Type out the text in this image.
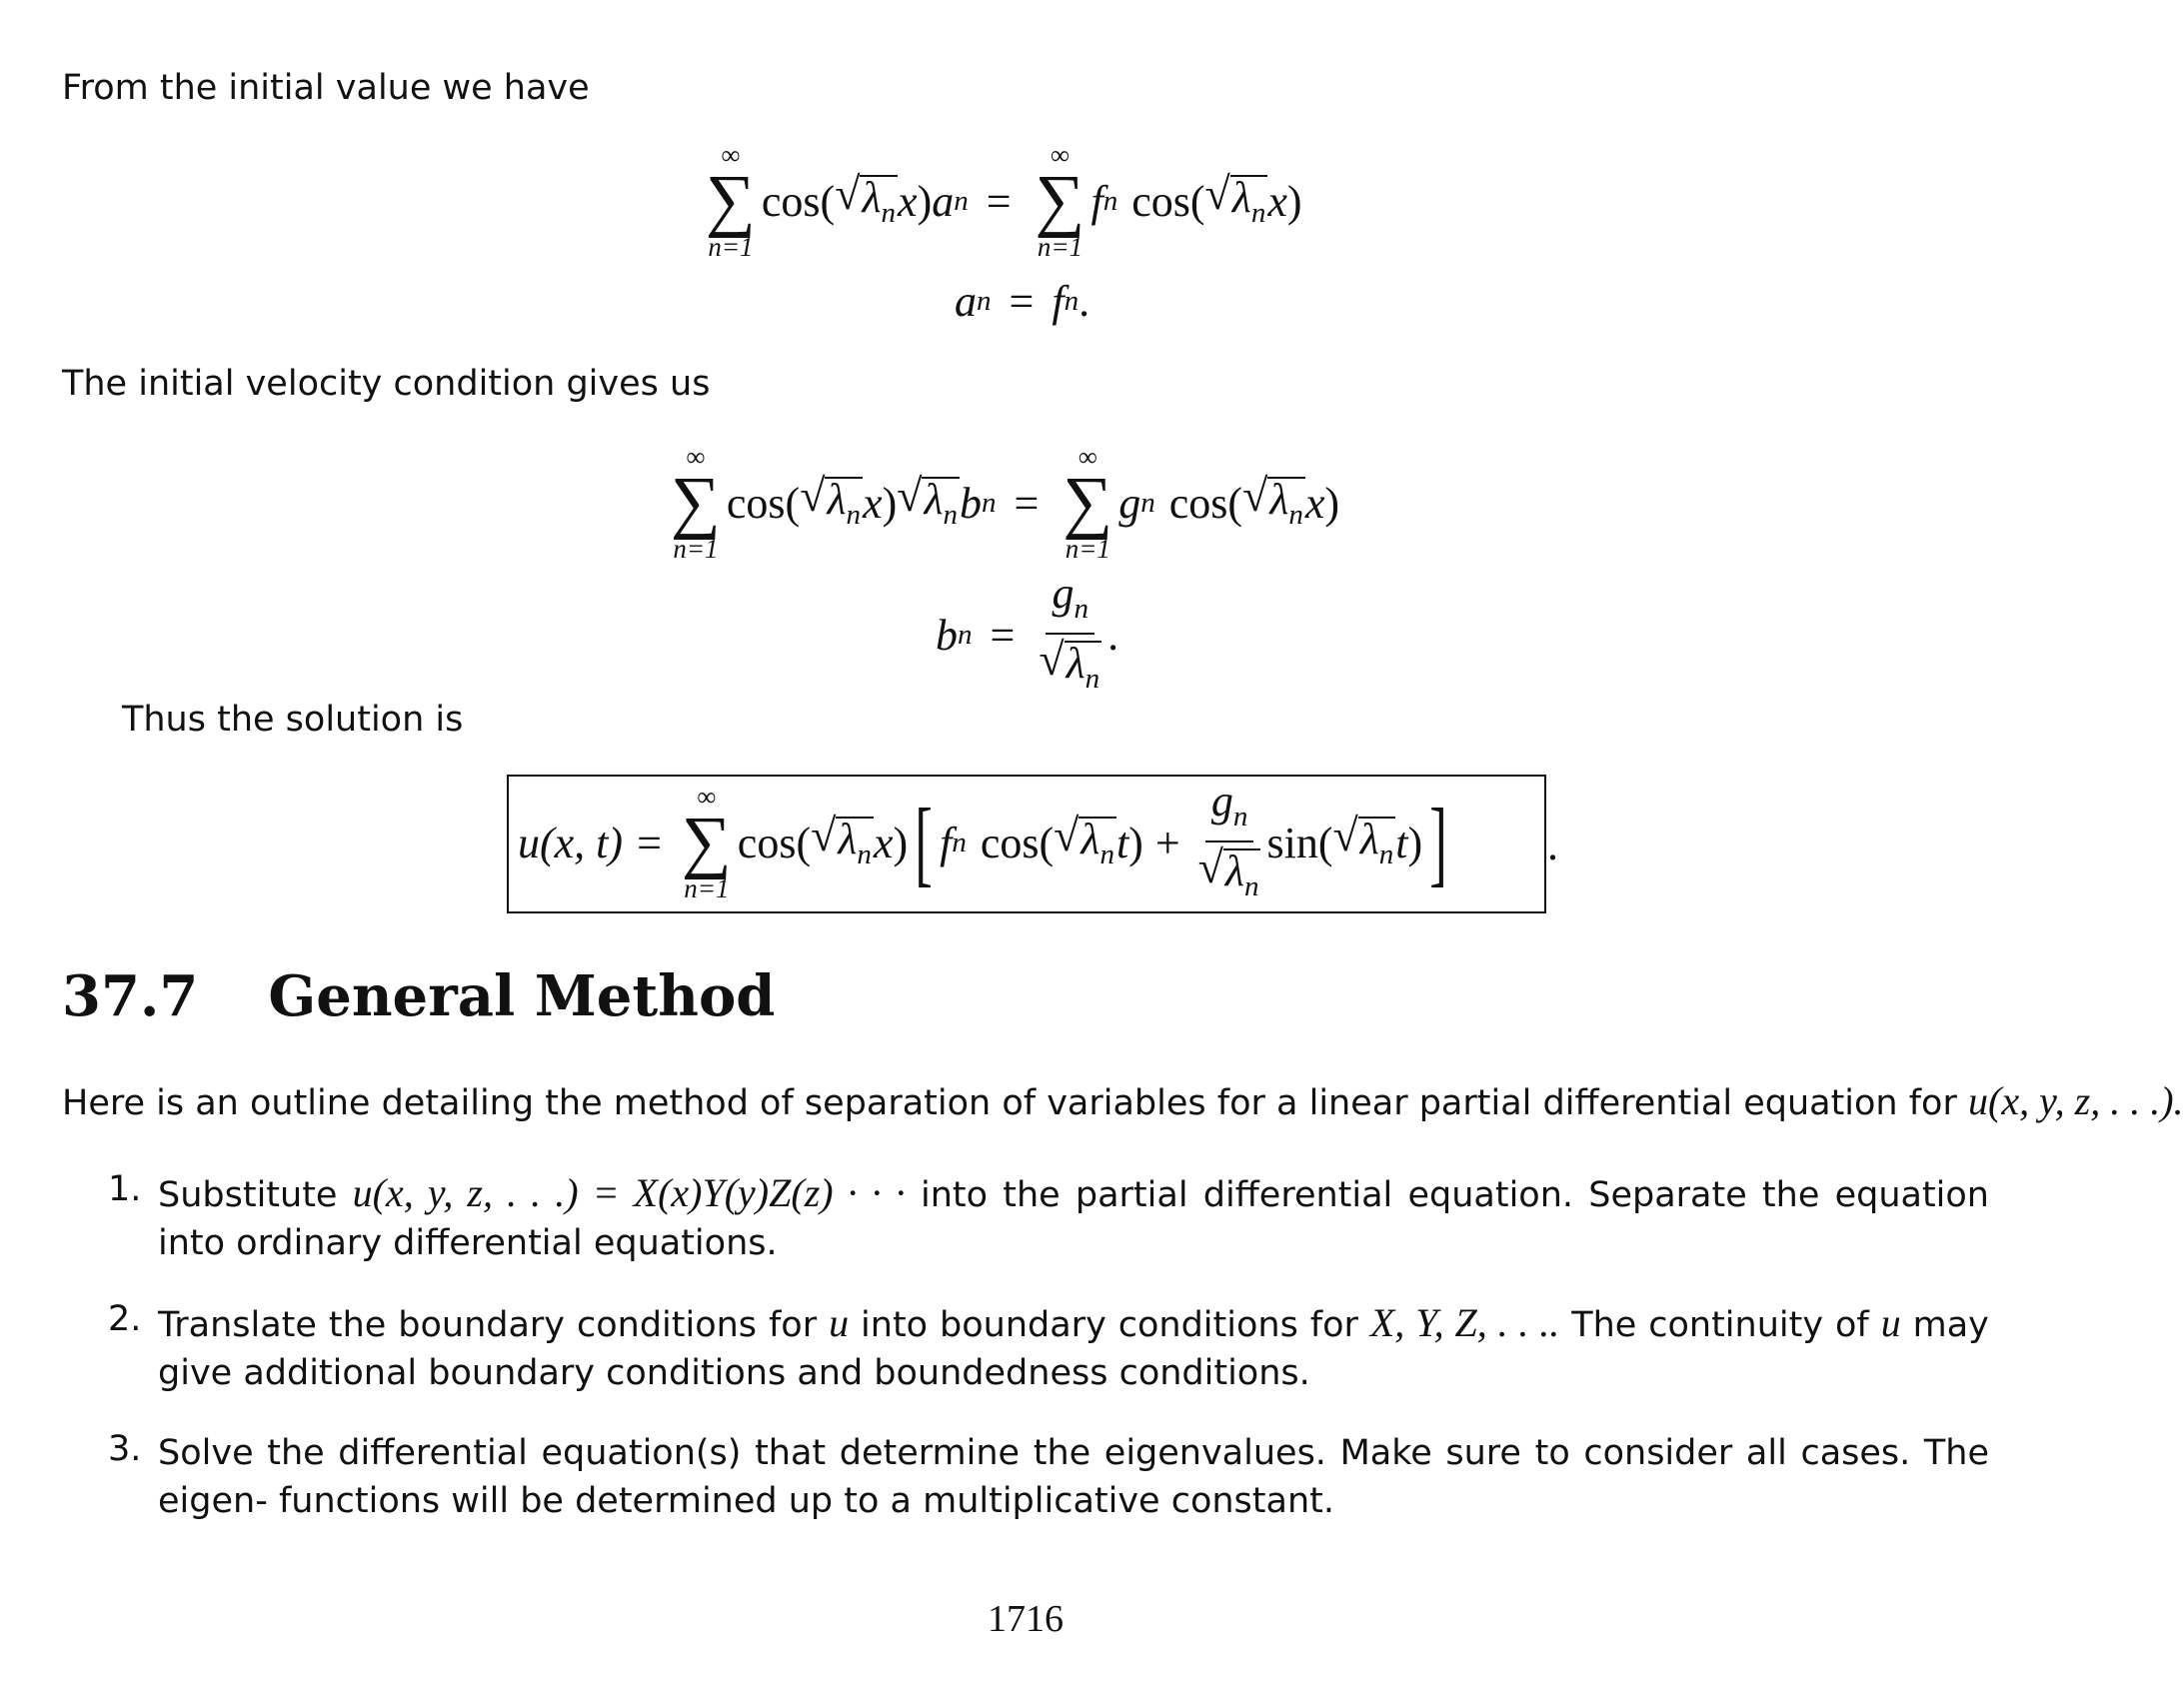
From the initial value we have
∞
∑
n=1
cos( √ $\lambda_n$ x ) a n =
∞
∑
n=1
f n cos( √ $\lambda_n$ x )
a n = f n .
The initial velocity condition gives us
∞
∑
n=1
cos( √ $\lambda_n$ x ) √ $\lambda_n$ b n =
∞
∑
n=1
g n cos( √ $\lambda_n$ x )
b $n = \frac{g_n}{√ \lambda_n}$ .
Thus the solution is
u(x, t) =
∞
∑
n=1
cos( √ $\lambda_n$ x ) [ f n cos( √ $\lambda_n$ t ) + $\frac{g_n}{√ \lambda_n} \sin$( √ $\lambda_n$ t ) ] .
37.7 General Method
Here is an outline detailing the method of separation of variables for a linear partial differential equation for u(x, y, z, . . .).
1. Substitute u(x, y, z, . . .) = X(x)Y(y)Z(z) · · · into the partial differential equation. Separate the equation into ordinary differential equations.
2. Translate the boundary conditions for u into boundary conditions for X, Y, Z, . . .. The continuity of u may give additional boundary conditions and boundedness conditions.
3. Solve the differential equation(s) that determine the eigenvalues. Make sure to consider all cases. The eigen- functions will be determined up to a multiplicative constant.
1716
